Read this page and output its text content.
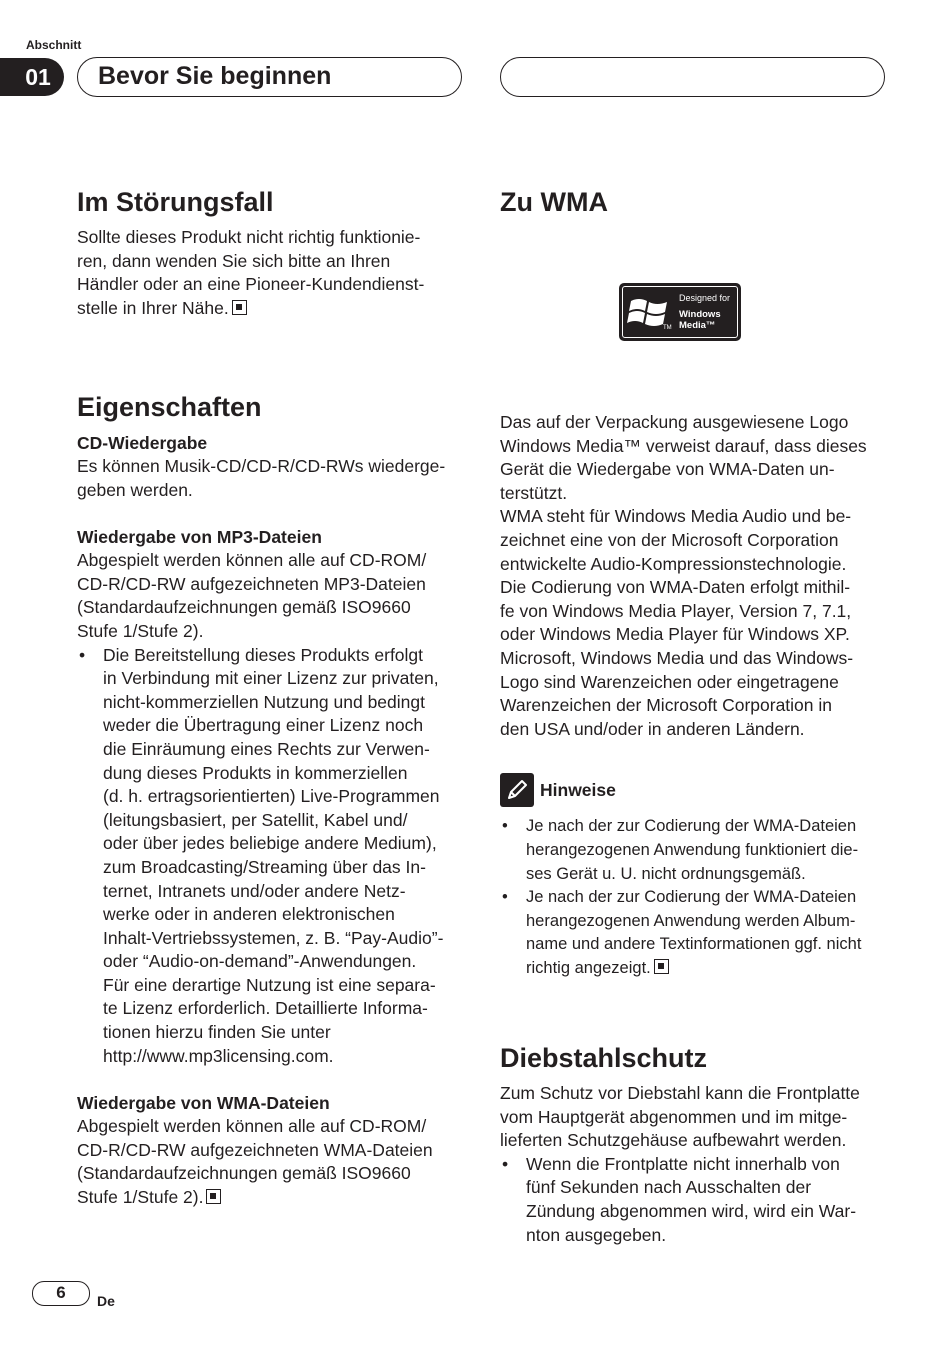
Abschnitt
01	Bevor Sie beginnen
Im Störungsfall

Sollte dieses Produkt nicht richtig funktionie-
ren, dann wenden Sie sich bitte an Ihren
Händler oder an eine Pioneer-Kundendienst-
stelle in Ihrer Nähe.

Eigenschaften
CD-Wiedergabe

Es können Musik-CD/CD-R/CD-RWs wiederge-
geben werden.

Wiedergabe von MP3-Dateien

Abgespielt werden können alle auf CD-ROM/
CD-R/CD-RW aufgezeichneten MP3-Dateien
(Standardaufzeichnungen gemäß ISO9660
Stufe 1/Stufe 2).

• Die Bereitstellung dieses Produkts erfolgt
in Verbindung mit einer Lizenz zur privaten,
nicht-kommerziellen Nutzung und bedingt
weder die Übertragung einer Lizenz noch
die Einräumung eines Rechts zur Verwen-
dung dieses Produkts in kommerziellen
(d. h. ertragsorientierten) Live-Programmen
(leitungsbasiert, per Satellit, Kabel und/
oder über jedes beliebige andere Medium),
zum Broadcasting/Streaming über das In-
ternet, Intranets und/oder andere Netz-
werke oder in anderen elektronischen
Inhalt-Vertriebssystemen, z. B. “Pay-Audio”-
oder “Audio-on-demand”-Anwendungen.
Für eine derartige Nutzung ist eine separa-
te Lizenz erforderlich. Detaillierte Informa-
tionen hierzu finden Sie unter
http://www.mp3licensing.com.
Wiedergabe von WMA-Dateien

Abgespielt werden können alle auf CD-ROM/
CD-R/CD-RW aufgezeichneten WMA-Dateien
(Standardaufzeichnungen gemäß ISO9660
Stufe 1/Stufe 2).

Zu WMA
Designed for
Windows
Media™
TM

Das auf der Verpackung ausgewiesene Logo
Windows Media™ verweist darauf, dass dieses
Gerät die Wiedergabe von WMA-Daten un-
terstützt.
WMA steht für Windows Media Audio und be-
zeichnet eine von der Microsoft Corporation
entwickelte Audio-Kompressionstechnologie.
Die Codierung von WMA-Daten erfolgt mithil-
fe von Windows Media Player, Version 7, 7.1,
oder Windows Media Player für Windows XP.
Microsoft, Windows Media und das Windows-
Logo sind Warenzeichen oder eingetragene
Warenzeichen der Microsoft Corporation in
den USA und/oder in anderen Ländern.

Hinweise
• Je nach der zur Codierung der WMA-Dateien
herangezogenen Anwendung funktioniert die-
ses Gerät u. U. nicht ordnungsgemäß.
• Je nach der zur Codierung der WMA-Dateien
herangezogenen Anwendung werden Album-
name und andere Textinformationen ggf. nicht
richtig angezeigt.
Diebstahlschutz

Zum Schutz vor Diebstahl kann die Frontplatte
vom Hauptgerät abgenommen und im mitge-
lieferten Schutzgehäuse aufbewahrt werden.

• Wenn die Frontplatte nicht innerhalb von
fünf Sekunden nach Ausschalten der
Zündung abgenommen wird, wird ein War-
nton ausgegeben.
6	De
